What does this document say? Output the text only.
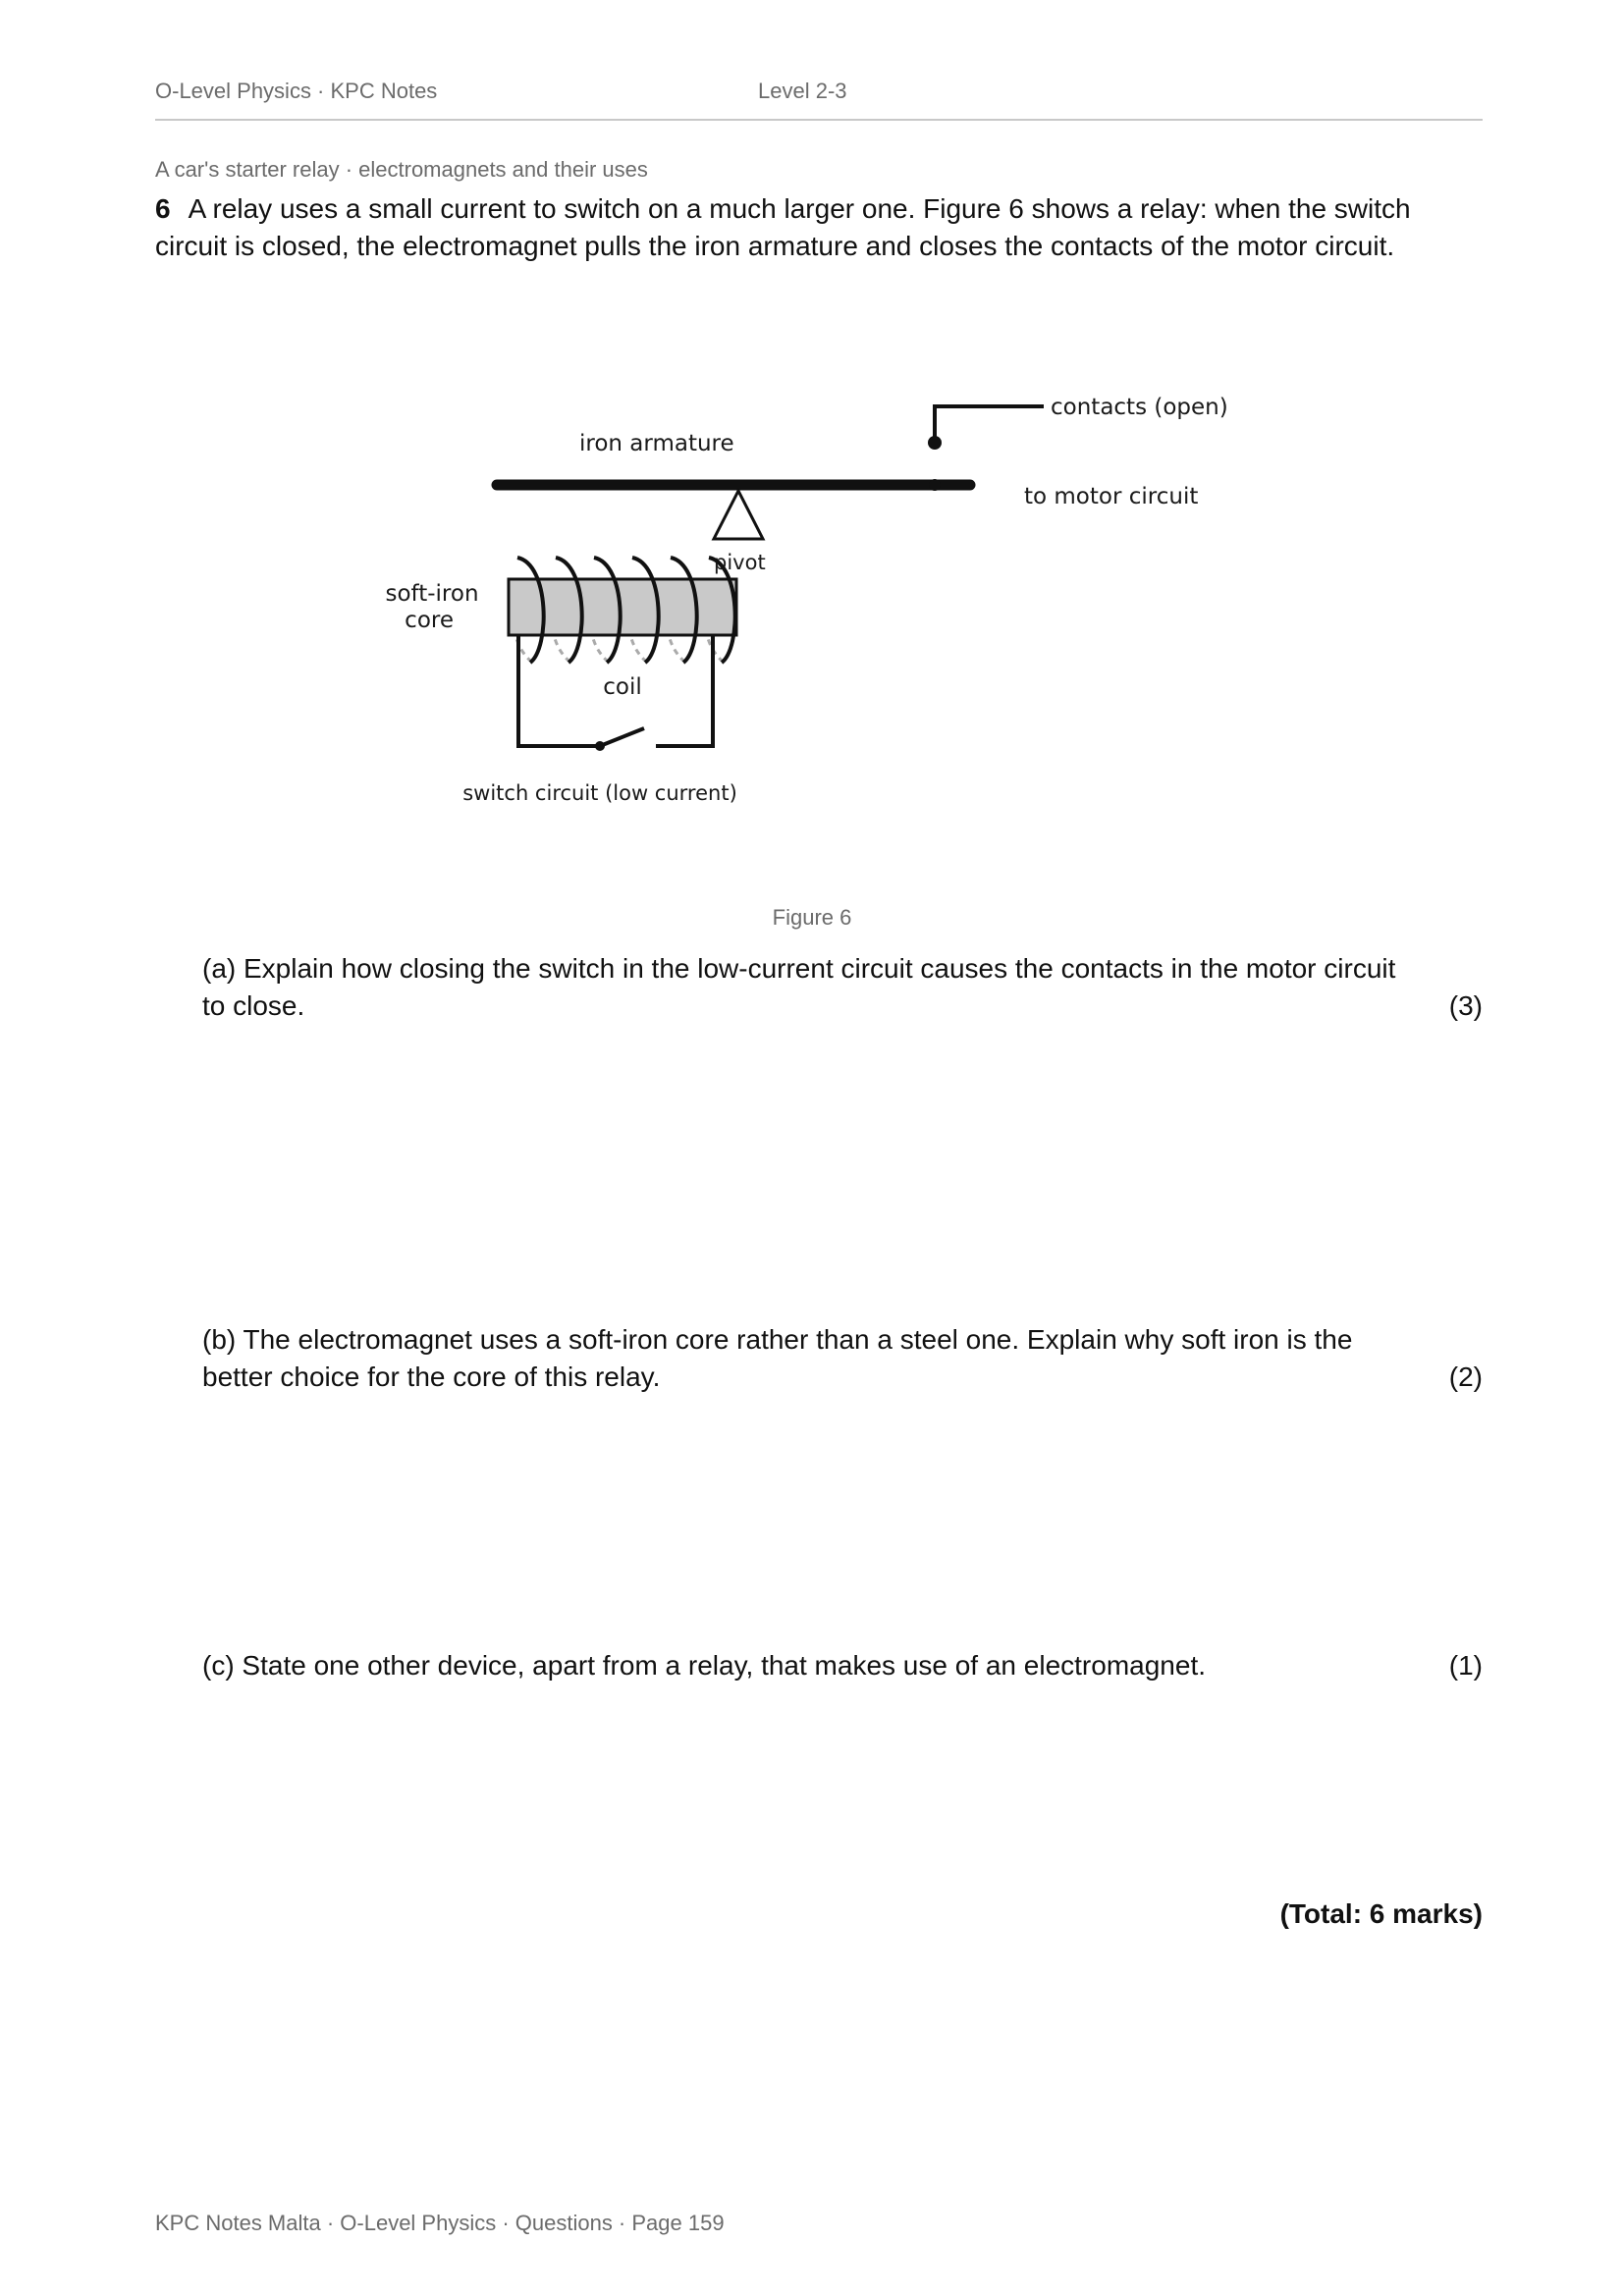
O-Level Physics · KPC Notes	Level 2-3
A car's starter relay · electromagnets and their uses
6 A relay uses a small current to switch on a much larger one. Figure 6 shows a relay: when the switch circuit is closed, the electromagnet pulls the iron armature and closes the contacts of the motor circuit.
contacts (open)
iron armature
to motor circuit
pivot
soft-iron
core
coil
switch circuit (low current)
Figure 6
(a) Explain how closing the switch in the low-current circuit causes the contacts in the motor circuit to close.	(3)
(b) The electromagnet uses a soft-iron core rather than a steel one. Explain why soft iron is the better choice for the core of this relay.	(2)
(c) State one other device, apart from a relay, that makes use of an electromagnet.	(1)
(Total: 6 marks)
KPC Notes Malta · O-Level Physics · Questions · Page 159
